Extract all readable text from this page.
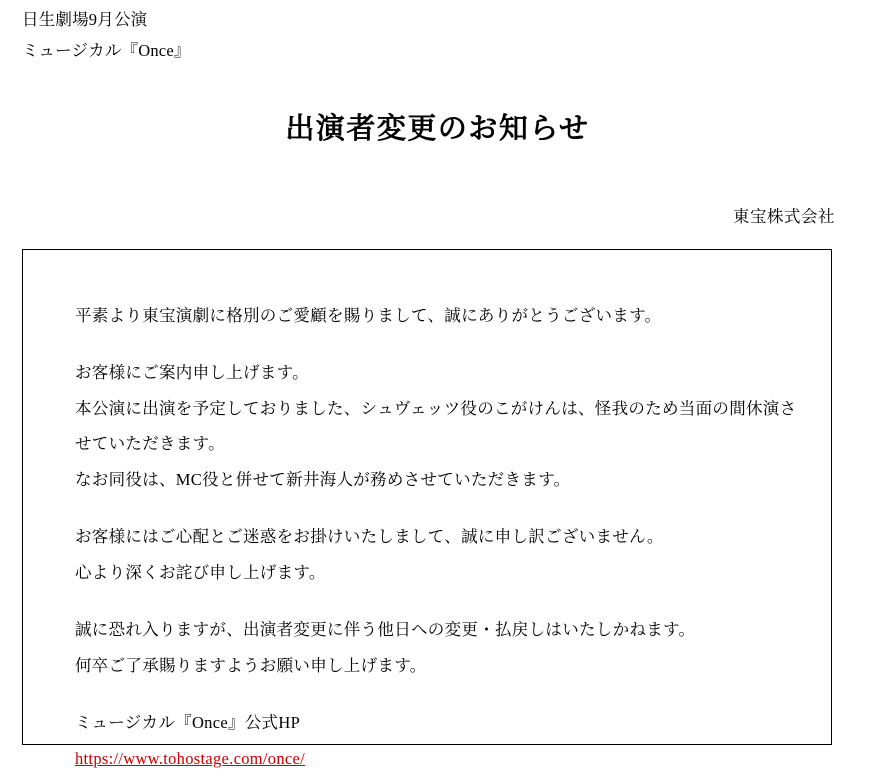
日生劇場9月公演
ミュージカル『Once』
出演者変更のお知らせ
東宝株式会社

平素より東宝演劇に格別のご愛顧を賜りまして、誠にありがとうございます。

お客様にご案内申し上げます。
本公演に出演を予定しておりました、シュヴェッツ役のこがけんは、怪我のため当面の間休演さ
せていただきます。
なお同役は、MC役と併せて新井海人が務めさせていただきます。

お客様にはご心配とご迷惑をお掛けいたしまして、誠に申し訳ございません。
心より深くお詫び申し上げます。

誠に恐れ入りますが、出演者変更に伴う他日への変更・払戻しはいたしかねます。
何卒ご了承賜りますようお願い申し上げます。

ミュージカル『Once』公式HP
https://www.tohostage.com/once/
